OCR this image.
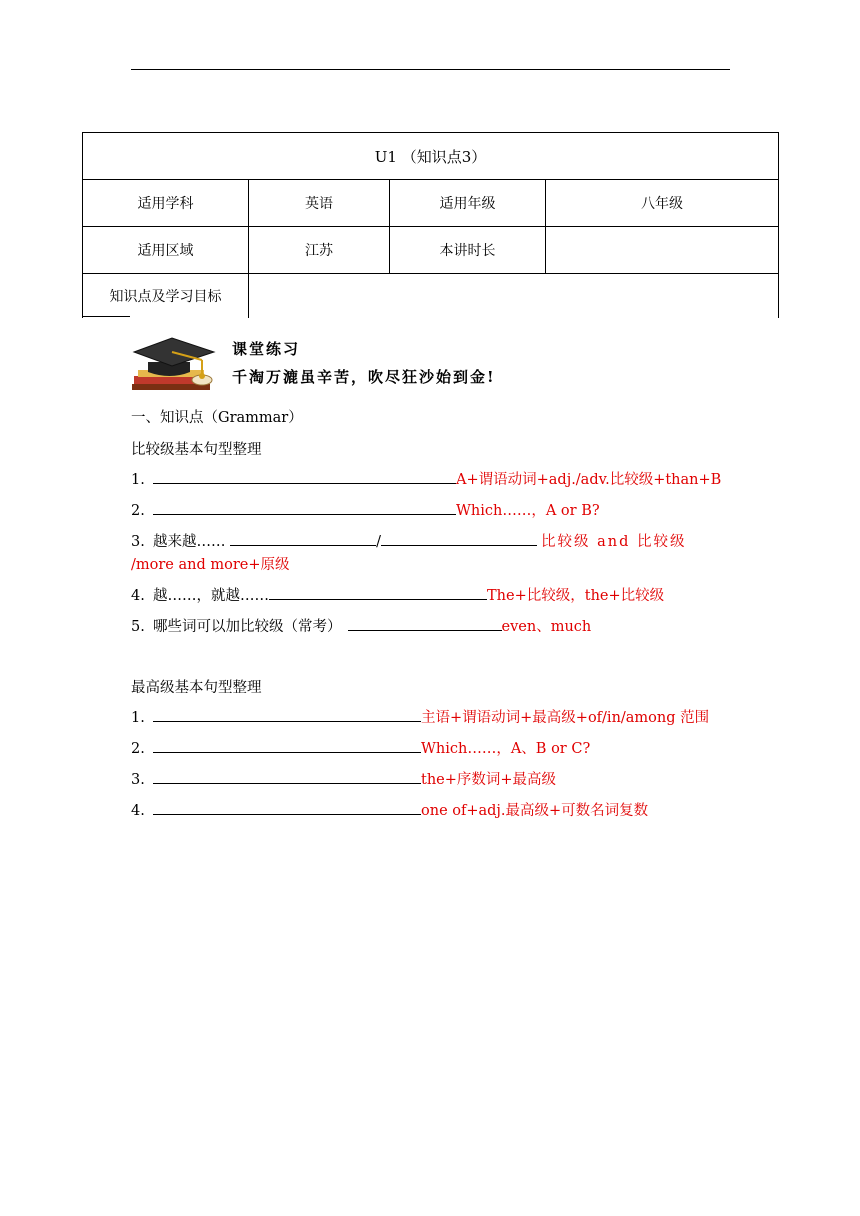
U1 （知识点3）			
适用学科	英语	适用年级	八年级
适用区域	江苏	本讲时长	
知识点及学习目标			
课堂练习
千淘万漉虽辛苦，吹尽狂沙始到金!
一、知识点（Grammar）
比较级基本句型整理
1.	A+谓语动词+adj./adv.比较级+than+B
2.	Which……，A or B?
3. 越来越……	/	比较级 and 比较级
/more and more+原级
4. 越……，就越……	The+比较级，the+比较级
5. 哪些词可以加比较级（常考）	even、much
最高级基本句型整理
1.	主语+谓语动词+最高级+of/in/among 范围
2.	Which……，A、B or C?
3.	the+序数词+最高级
4.	one of+adj.最高级+可数名词复数
